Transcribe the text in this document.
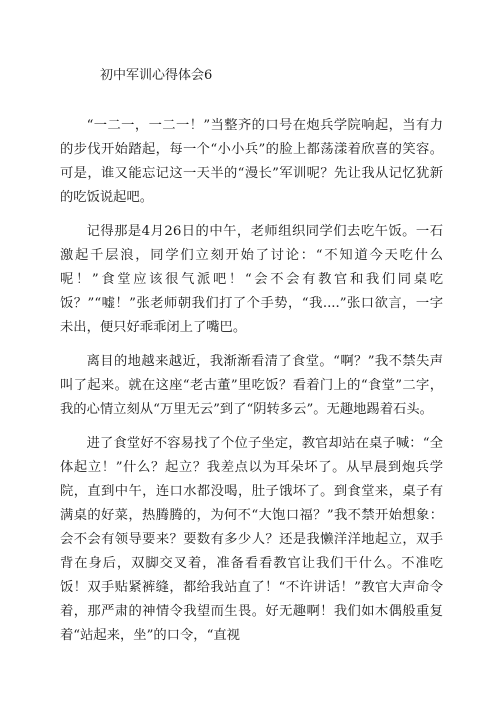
初中军训心得体会6

“一二一，一二一！”当整齐的口号在炮兵学院响起，当有力的步伐开始踏起，每一个“小小兵”的脸上都荡漾着欣喜的笑容。可是，谁又能忘记这一天半的“漫长”军训呢？先让我从记忆犹新的吃饭说起吧。

记得那是4月26日的中午，老师组织同学们去吃午饭。一石激起千层浪，同学们立刻开始了讨论：“不知道今天吃什么呢！”食堂应该很气派吧！“会不会有教官和我们同桌吃饭？”“嘘！”张老师朝我们打了个手势，“我....”张口欲言，一字未出，便只好乖乖闭上了嘴巴。

离目的地越来越近，我渐渐看清了食堂。“啊？”我不禁失声叫了起来。就在这座“老古董”里吃饭？看着门上的“食堂”二字，我的心情立刻从“万里无云”到了“阴转多云”。无趣地踢着石头。

进了食堂好不容易找了个位子坐定，教官却站在桌子喊：“全体起立！”什么？起立？我差点以为耳朵坏了。从早晨到炮兵学院，直到中午，连口水都没喝，肚子饿坏了。到食堂来，桌子有满桌的好菜，热腾腾的，为何不“大饱口福？”我不禁开始想象：会不会有领导要来？要数有多少人？还是我懒洋洋地起立，双手背在身后，双脚交叉着，准备看看教官让我们干什么。不准吃饭！双手贴紧裤缝，都给我站直了！“不许讲话！”教官大声命令着，那严肃的神情令我望而生畏。好无趣啊！我们如木偶般重复着“站起来，坐”的口令，“直视
